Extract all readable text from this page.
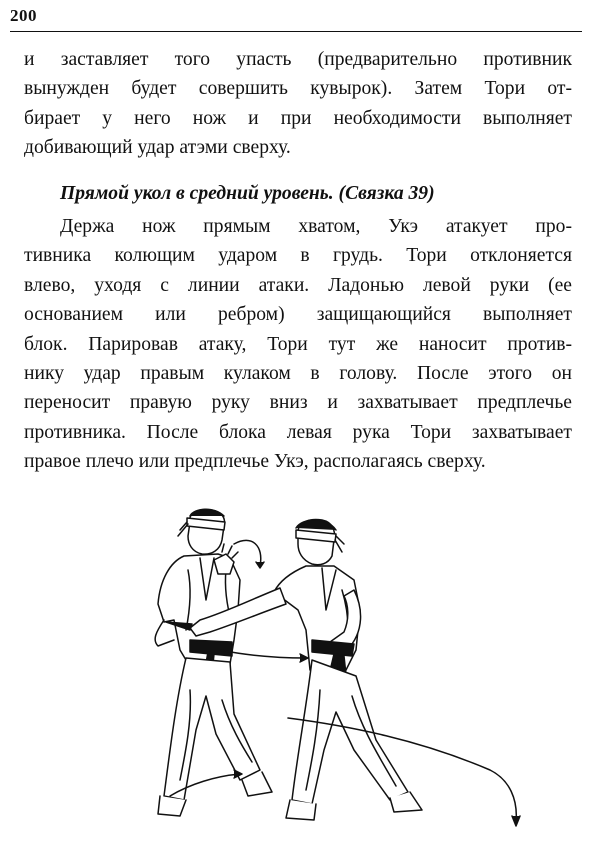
200
и заставляет того упасть (предварительно противник
вынужден будет совершить кувырок). Затем Тори от-
бирает у него нож и при необходимости выполняет
добивающий удар атэми сверху.
Прямой укол в средний уровень. (Связка 39)
Держа нож прямым хватом, Укэ атакует про-
тивника колющим ударом в грудь. Тори отклоняется
влево, уходя с линии атаки. Ладонью левой руки (ее
основанием или ребром) защищающийся выполняет
блок. Парировав атаку, Тори тут же наносит против-
нику удар правым кулаком в голову. После этого он
переносит правую руку вниз и захватывает предплечье
противника. После блока левая рука Тори захватывает
правое плечо или предплечье Укэ, располагаясь сверху.
